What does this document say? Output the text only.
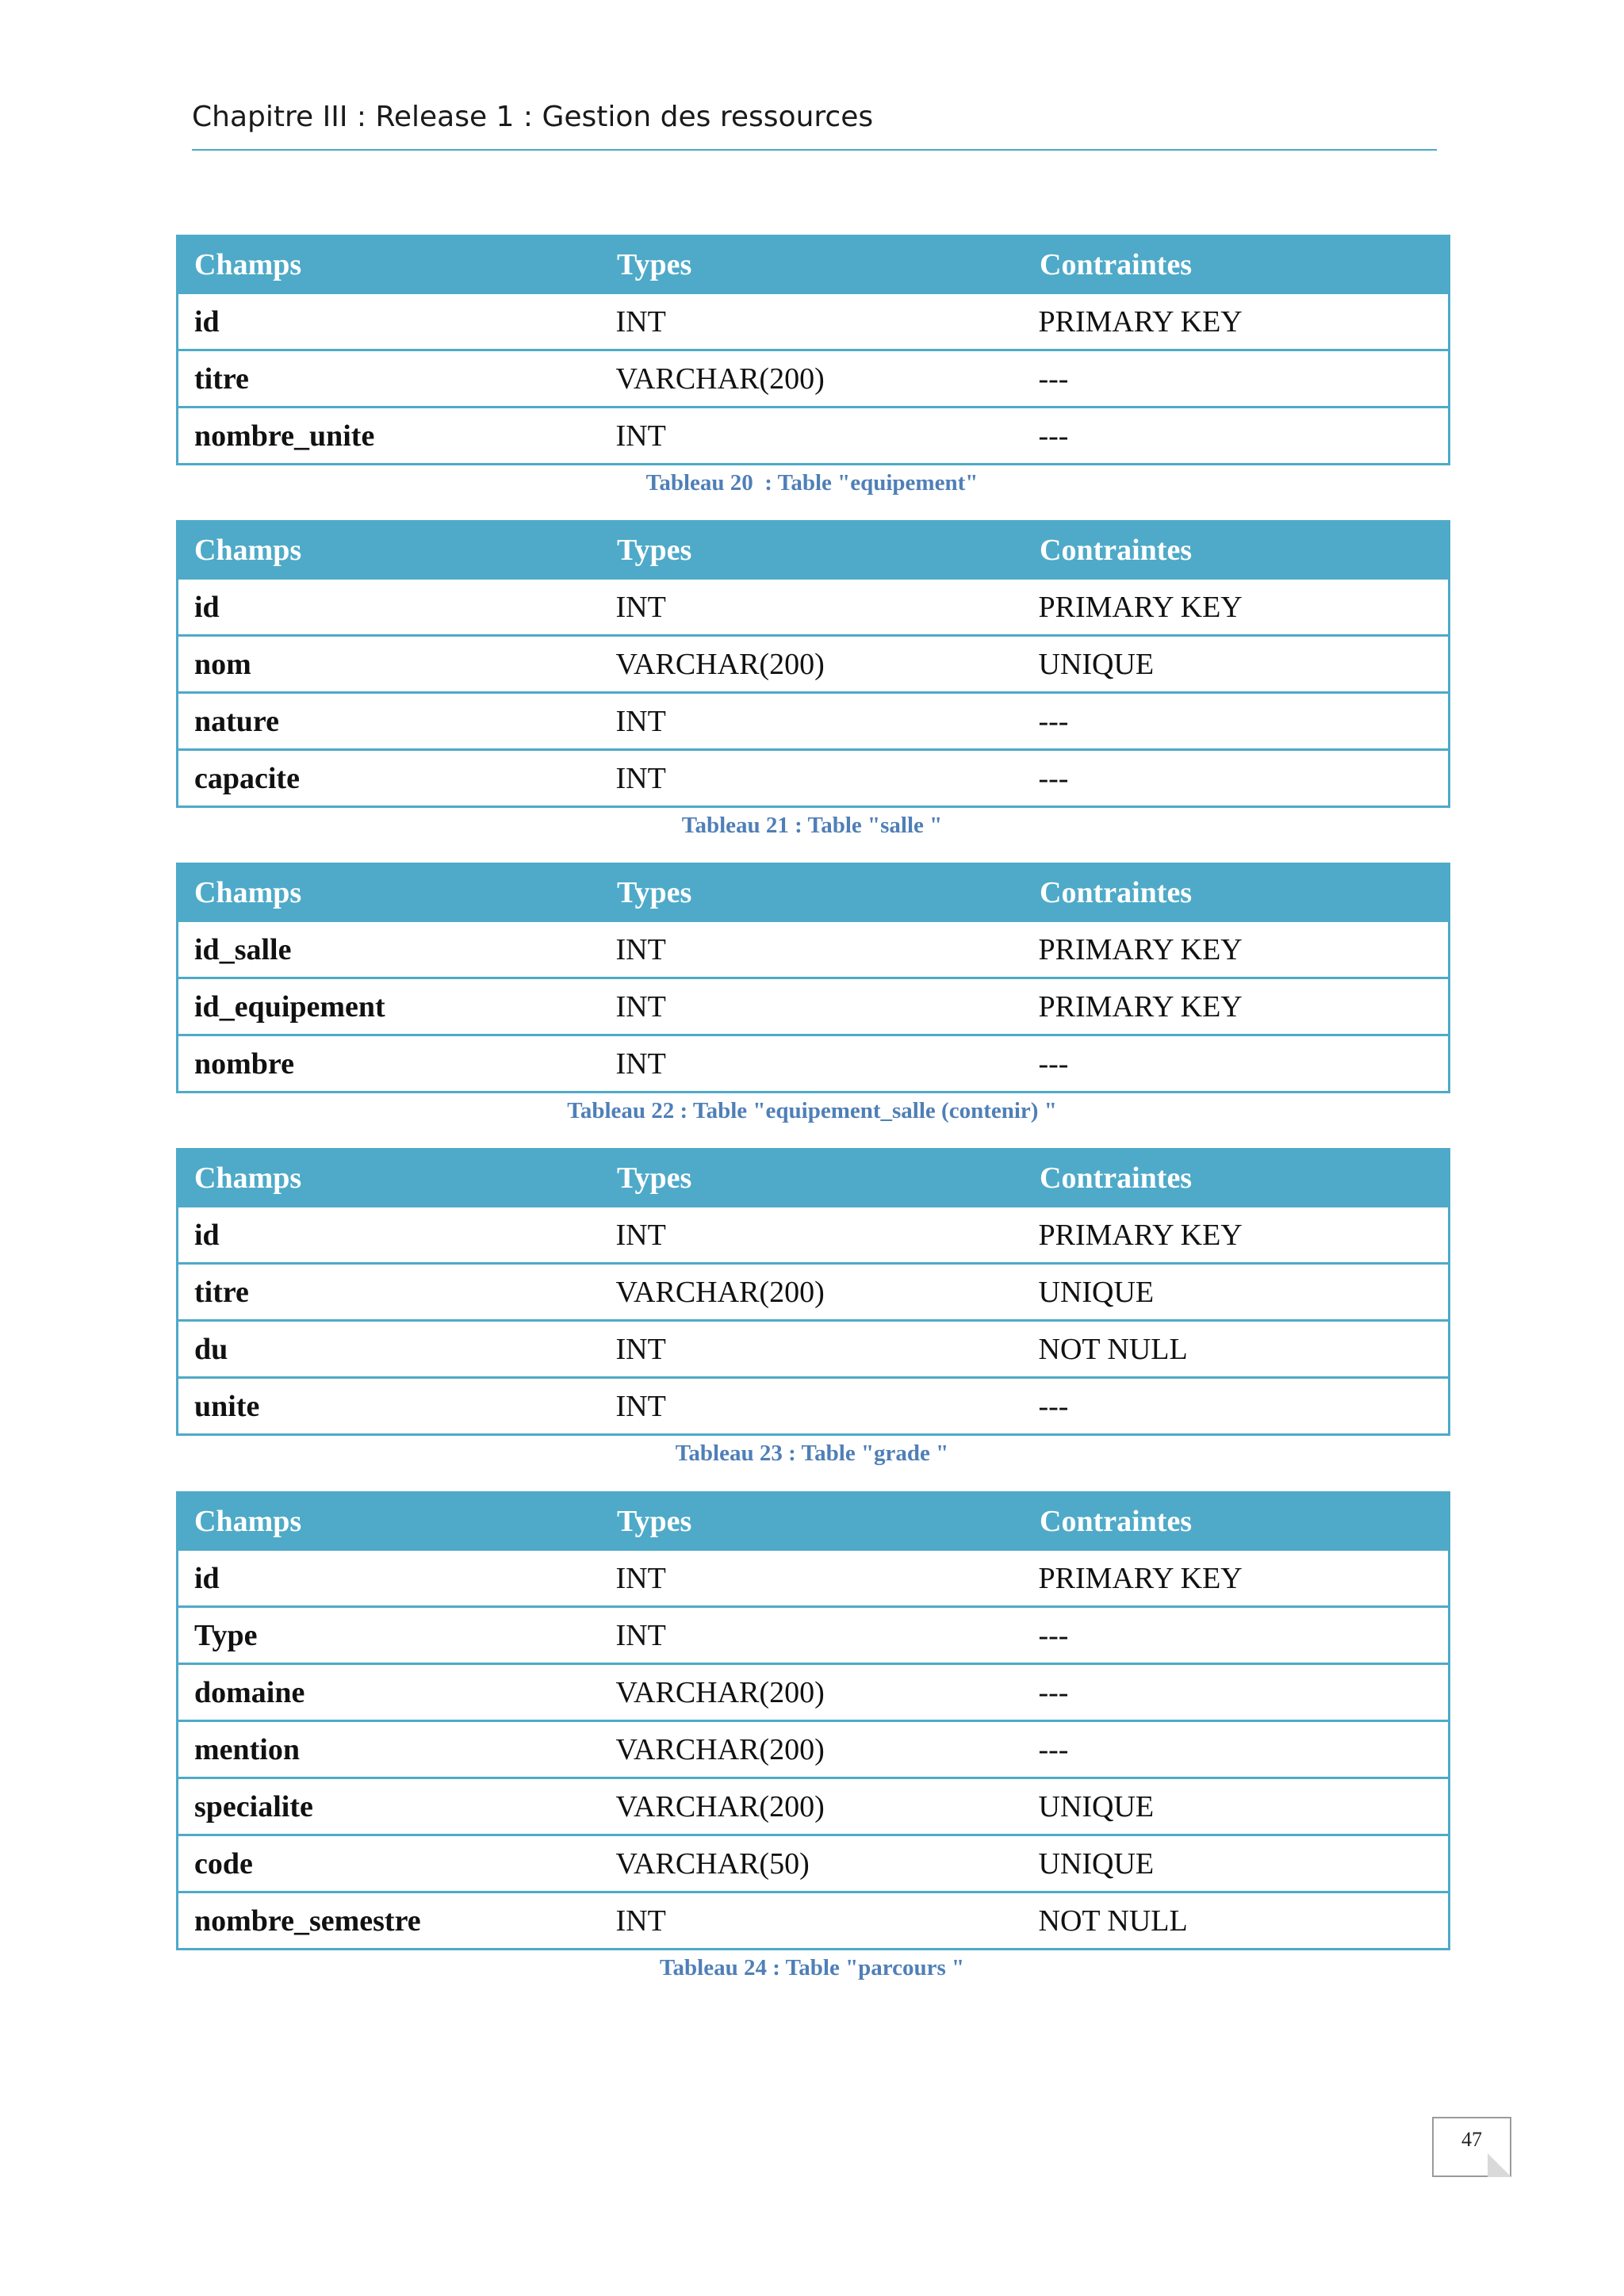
Chapitre III : Release 1 : Gestion des ressources
Champs	Types	Contraintes
id	INT	PRIMARY KEY
titre	VARCHAR(200)	---
nombre_unite	INT	---
Tableau 20  : Table "equipement"
Champs	Types	Contraintes
id	INT	PRIMARY KEY
nom	VARCHAR(200)	UNIQUE
nature	INT	---
capacite	INT	---
Tableau 21 : Table "salle "
Champs	Types	Contraintes
id_salle	INT	PRIMARY KEY
id_equipement	INT	PRIMARY KEY
nombre	INT	---
Tableau 22 : Table "equipement_salle (contenir) "
Champs	Types	Contraintes
id	INT	PRIMARY KEY
titre	VARCHAR(200)	UNIQUE
du	INT	NOT NULL
unite	INT	---
Tableau 23 : Table "grade "
Champs	Types	Contraintes
id	INT	PRIMARY KEY
Type	INT	---
domaine	VARCHAR(200)	---
mention	VARCHAR(200)	---
specialite	VARCHAR(200)	UNIQUE
code	VARCHAR(50)	UNIQUE
nombre_semestre	INT	NOT NULL
Tableau 24 : Table "parcours "
47
